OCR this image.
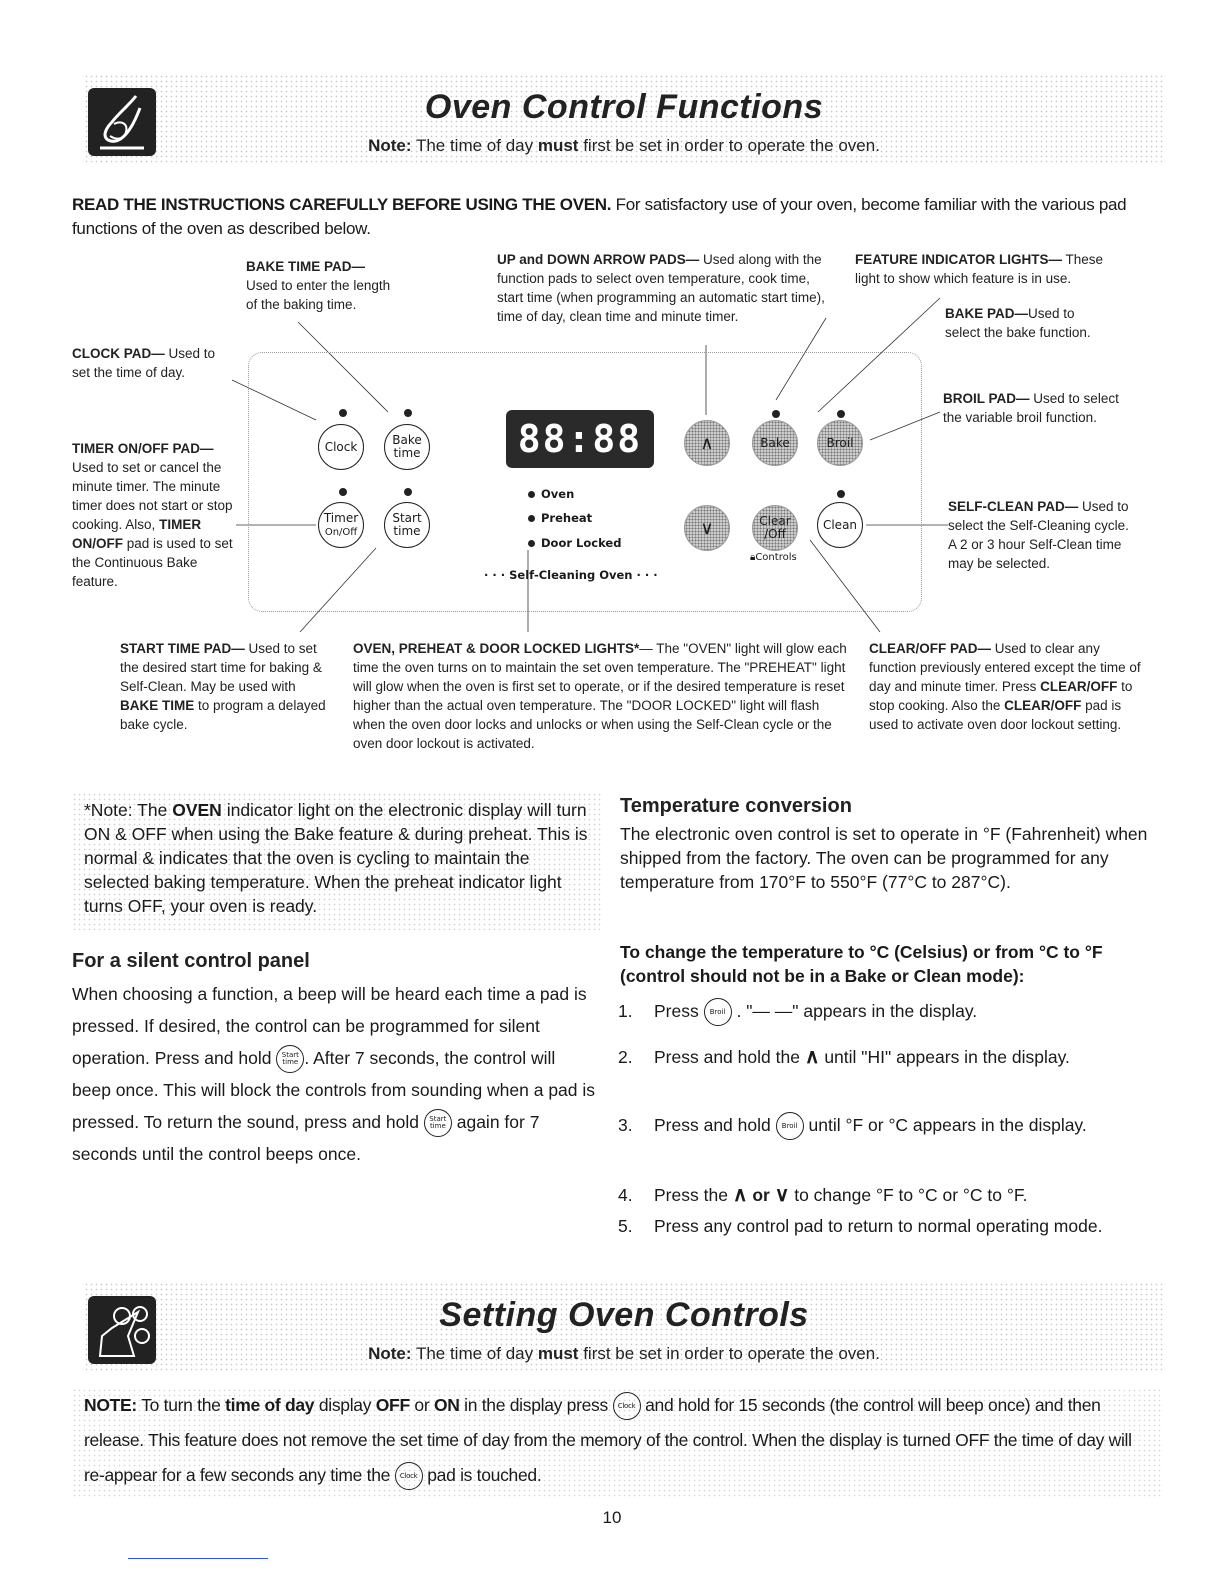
Oven Control Functions
Note: The time of day must first be set in order to operate the oven.
READ THE INSTRUCTIONS CAREFULLY BEFORE USING THE OVEN. For satisfactory use of your oven, become familiar with the various pad functions of the oven as described below.
BAKE TIME PAD— Used to enter the length of the baking time.
CLOCK PAD— Used to set the time of day.
UP and DOWN ARROW PADS— Used along with the function pads to select oven temperature, cook time, start time (when programming an automatic start time), time of day, clean time and minute timer.
FEATURE INDICATOR LIGHTS— These light to show which feature is in use.
BAKE PAD—Used to select the bake function.
BROIL PAD— Used to select the variable broil function.
TIMER ON/OFF PAD— Used to set or cancel the minute timer. The minute timer does not start or stop cooking. Also, TIMER ON/OFF pad is used to set the Continuous Bake feature.
SELF-CLEAN PAD— Used to select the Self-Cleaning cycle. A 2 or 3 hour Self-Clean time may be selected.
START TIME PAD— Used to set the desired start time for baking & Self-Clean. May be used with BAKE TIME to program a delayed bake cycle.
OVEN, PREHEAT & DOOR LOCKED LIGHTS*— The "OVEN" light will glow each time the oven turns on to maintain the set oven temperature. The "PREHEAT" light will glow when the oven is first set to operate, or if the desired temperature is reset higher than the actual oven temperature. The "DOOR LOCKED" light will flash when the oven door locks and unlocks or when using the Self-Clean cycle or the oven door lockout is activated.
CLEAR/OFF PAD— Used to clear any function previously entered except the time of day and minute timer. Press CLEAR/OFF to stop cooking. Also the CLEAR/OFF pad is used to activate oven door lockout setting.
Clock	Bake
time
Timer
On/Off
Start
time
88:88
Oven
Preheat
Door Locked
· · · Self-Cleaning Oven · · ·
∧
∨
Bake	Broil
Clear
/Off
🔒︎Controls
Clean

*Note: The OVEN indicator light on the electronic display will turn ON & OFF when using the Bake feature & during preheat. This is normal & indicates that the oven is cycling to maintain the selected baking temperature. When the preheat indicator light turns OFF, your oven is ready.

For a silent control panel
When choosing a function, a beep will be heard each time a pad is pressed. If desired, the control can be programmed for silent operation. Press and hold Start
time . After 7 seconds, the control will beep once. This will block the controls from sounding when a pad is pressed. To return the sound, press and hold Start
time again for 7 seconds until the control beeps once.
Temperature conversion
The electronic oven control is set to operate in °F (Fahrenheit) when shipped from the factory. The oven can be programmed for any temperature from 170°F to 550°F (77°C to 287°C).
To change the temperature to °C (Celsius) or from °C to °F (control should not be in a Bake or Clean mode):
1. Press Broil . "— —" appears in the display.
2. Press and hold the ∧ until "HI" appears in the display.
3. Press and hold Broil until °F or °C appears in the display.
4. Press the ∧ or ∨ to change °F to °C or °C to °F.
5. Press any control pad to return to normal operating mode.
Setting Oven Controls
Note: The time of day must first be set in order to operate the oven.

NOTE: To turn the time of day display OFF or ON in the display press Clock and hold for 15 seconds (the control will beep once) and then release. This feature does not remove the set time of day from the memory of the control. When the display is turned OFF the time of day will re-appear for a few seconds any time the Clock pad is touched.

10
